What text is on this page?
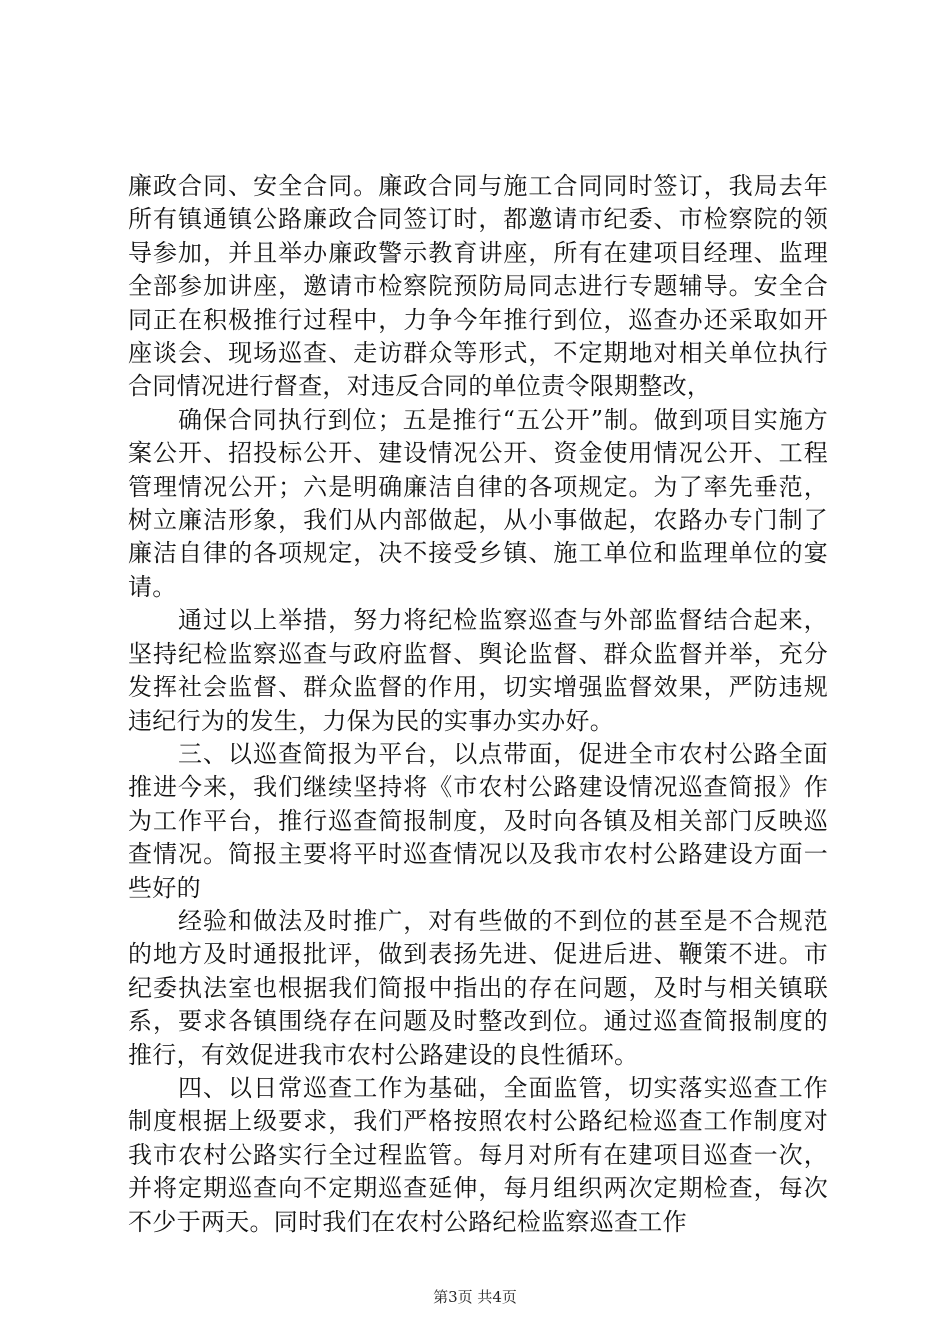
廉政合同、安全合同。廉政合同与施工合同同时签订，我局去年所有镇通镇公路廉政合同签订时，都邀请市纪委、市检察院的领导参加，并且举办廉政警示教育讲座，所有在建项目经理、监理全部参加讲座，邀请市检察院预防局同志进行专题辅导。安全合同正在积极推行过程中，力争今年推行到位，巡查办还采取如开座谈会、现场巡查、走访群众等形式，不定期地对相关单位执行合同情况进行督查，对违反合同的单位责令限期整改，

确保合同执行到位；五是推行“五公开”制。做到项目实施方案公开、招投标公开、建设情况公开、资金使用情况公开、工程管理情况公开；六是明确廉洁自律的各项规定。为了率先垂范，树立廉洁形象，我们从内部做起，从小事做起，农路办专门制了廉洁自律的各项规定，决不接受乡镇、施工单位和监理单位的宴请。

通过以上举措，努力将纪检监察巡查与外部监督结合起来，坚持纪检监察巡查与政府监督、舆论监督、群众监督并举，充分发挥社会监督、群众监督的作用，切实增强监督效果，严防违规违纪行为的发生，力保为民的实事办实办好。

三、以巡查简报为平台，以点带面，促进全市农村公路全面推进今来，我们继续坚持将《市农村公路建设情况巡查简报》作为工作平台，推行巡查简报制度，及时向各镇及相关部门反映巡查情况。简报主要将平时巡查情况以及我市农村公路建设方面一些好的

经验和做法及时推广，对有些做的不到位的甚至是不合规范的地方及时通报批评，做到表扬先进、促进后进、鞭策不进。市纪委执法室也根据我们简报中指出的存在问题，及时与相关镇联系，要求各镇围绕存在问题及时整改到位。通过巡查简报制度的推行，有效促进我市农村公路建设的良性循环。

四、以日常巡查工作为基础，全面监管，切实落实巡查工作制度根据上级要求，我们严格按照农村公路纪检巡查工作制度对我市农村公路实行全过程监管。每月对所有在建项目巡查一次，并将定期巡查向不定期巡查延伸，每月组织两次定期检查，每次不少于两天。同时我们在农村公路纪检监察巡查工作

第3页 共4页
